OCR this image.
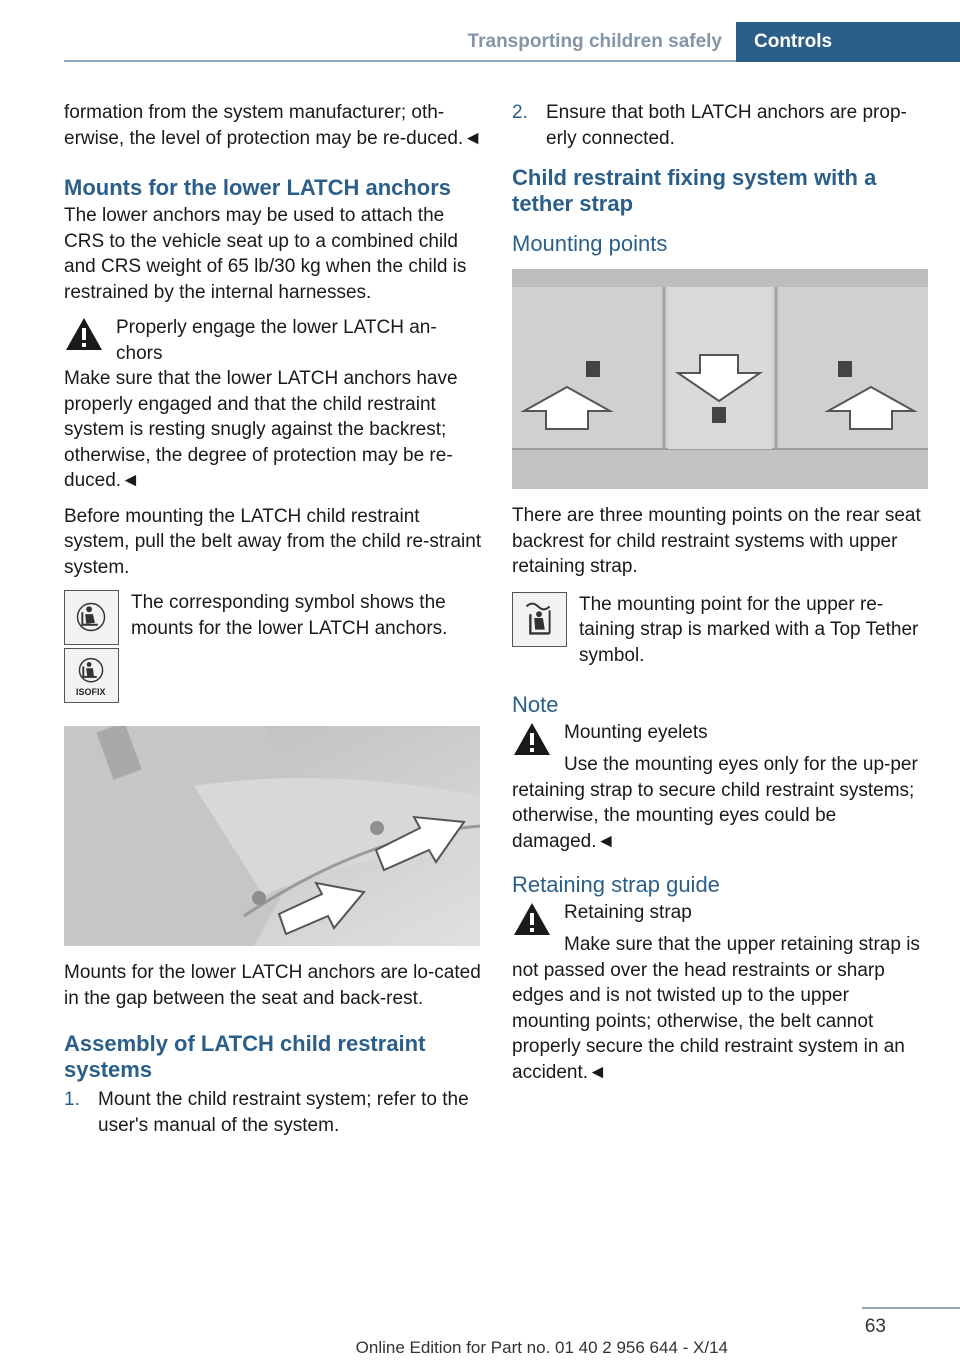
Transporting children safely	Controls

formation from the system manufacturer; oth-erwise, the level of protection may be re-duced.◄

Mounts for the lower LATCH anchors

The lower anchors may be used to attach the CRS to the vehicle seat up to a combined child and CRS weight of 65 lb/30 kg when the child is restrained by the internal harnesses.

Properly engage the lower LATCH an-chors

Make sure that the lower LATCH anchors have properly engaged and that the child restraint system is resting snugly against the backrest; otherwise, the degree of protection may be re-duced.◄

Before mounting the LATCH child restraint system, pull the belt away from the child re-straint system.

The corresponding symbol shows the mounts for the lower LATCH anchors.
ISOFIX

Mounts for the lower LATCH anchors are lo-cated in the gap between the seat and back-rest.

Assembly of LATCH child restraint systems
1. Mount the child restraint system; refer to the user's manual of the system.
2. Ensure that both LATCH anchors are prop-erly connected.
Child restraint fixing system with a tether strap
Mounting points

There are three mounting points on the rear seat backrest for child restraint systems with upper retaining strap.

The mounting point for the upper re-taining strap is marked with a Top Tether symbol.
Note
Mounting eyelets

Use the mounting eyes only for the up-per retaining strap to secure child restraint systems; otherwise, the mounting eyes could be damaged.◄

Retaining strap guide
Retaining strap

Make sure that the upper retaining strap is not passed over the head restraints or sharp edges and is not twisted up to the upper mounting points; otherwise, the belt cannot properly secure the child restraint system in an accident.◄

63
Online Edition for Part no. 01 40 2 956 644 - X/14
